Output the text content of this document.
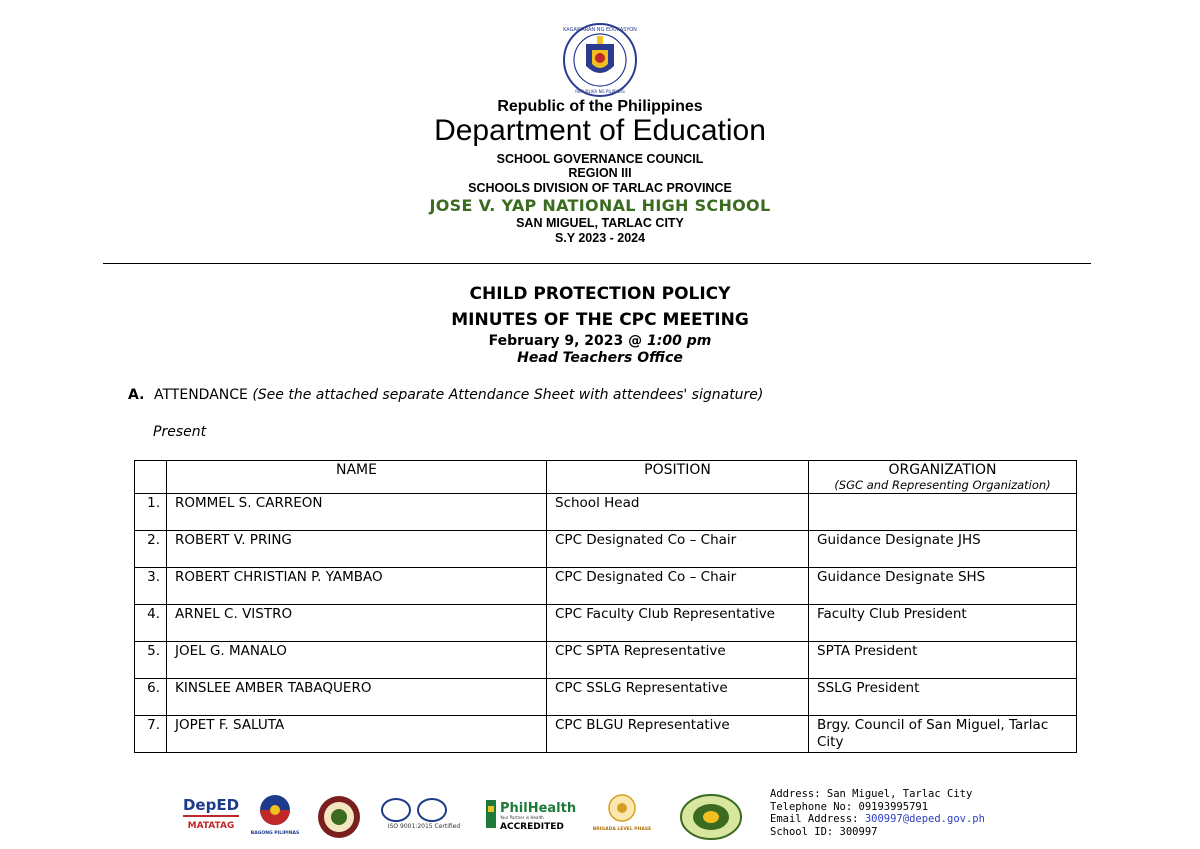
KAGAWARAN NG EDUKASYON
REPUBLIKA NG PILIPINAS
Republic of the Philippines
Department of Education
SCHOOL GOVERNANCE COUNCIL
REGION III
SCHOOLS DIVISION OF TARLAC PROVINCE
JOSE V. YAP NATIONAL HIGH SCHOOL
SAN MIGUEL, TARLAC CITY
S.Y 2023 - 2024
CHILD PROTECTION POLICY
MINUTES OF THE CPC MEETING
February 9, 2023 @ 1:00 pm
Head Teachers Office
A. ATTENDANCE (See the attached separate Attendance Sheet with attendees' signature)
Present
	NAME	POSITION	ORGANIZATION
(SGC and Representing Organization)

1.	ROMMEL S. CARREON	School Head	
2.	ROBERT V. PRING	CPC Designated Co – Chair	Guidance Designate JHS
3.	ROBERT CHRISTIAN P. YAMBAO	CPC Designated Co – Chair	Guidance Designate SHS
4.	ARNEL C. VISTRO	CPC Faculty Club Representative	Faculty Club President
5.	JOEL G. MANALO	CPC SPTA Representative	SPTA President
6.	KINSLEE AMBER TABAQUERO	CPC SSLG Representative	SSLG President
7.	JOPET F. SALUTA	CPC BLGU Representative	Brgy. Council of San Miguel, Tarlac City
DepED
MATATAG
BAGONG PILIPINAS
ISO 9001:2015 Certified
PhilHealth
Your Partner in Health
ACCREDITED	BRIGADA LEVEL PHASE
Address: San Miguel, Tarlac City
Telephone No: 09193995791
Email Address: 300997@deped.gov.ph
School ID: 300997
